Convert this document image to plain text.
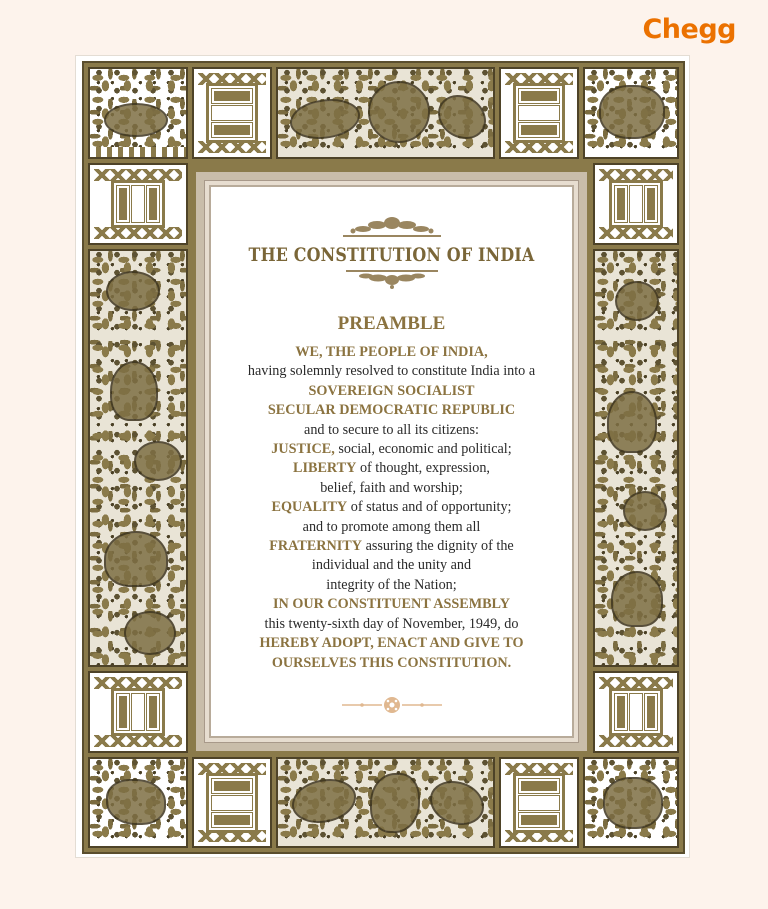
Chegg
THE CONSTITUTION OF INDIA
PREAMBLE
WE, THE PEOPLE OF INDIA,
having solemnly resolved to constitute India into a
SOVEREIGN SOCIALIST
SECULAR DEMOCRATIC REPUBLIC
and to secure to all its citizens:
JUSTICE, social, economic and political;
LIBERTY of thought, expression,
belief, faith and worship;
EQUALITY of status and of opportunity;
and to promote among them all
FRATERNITY assuring the dignity of the
individual and the unity and
integrity of the Nation;
IN OUR CONSTITUENT ASSEMBLY
this twenty-sixth day of November, 1949, do
HEREBY ADOPT, ENACT AND GIVE TO
OURSELVES THIS CONSTITUTION.
